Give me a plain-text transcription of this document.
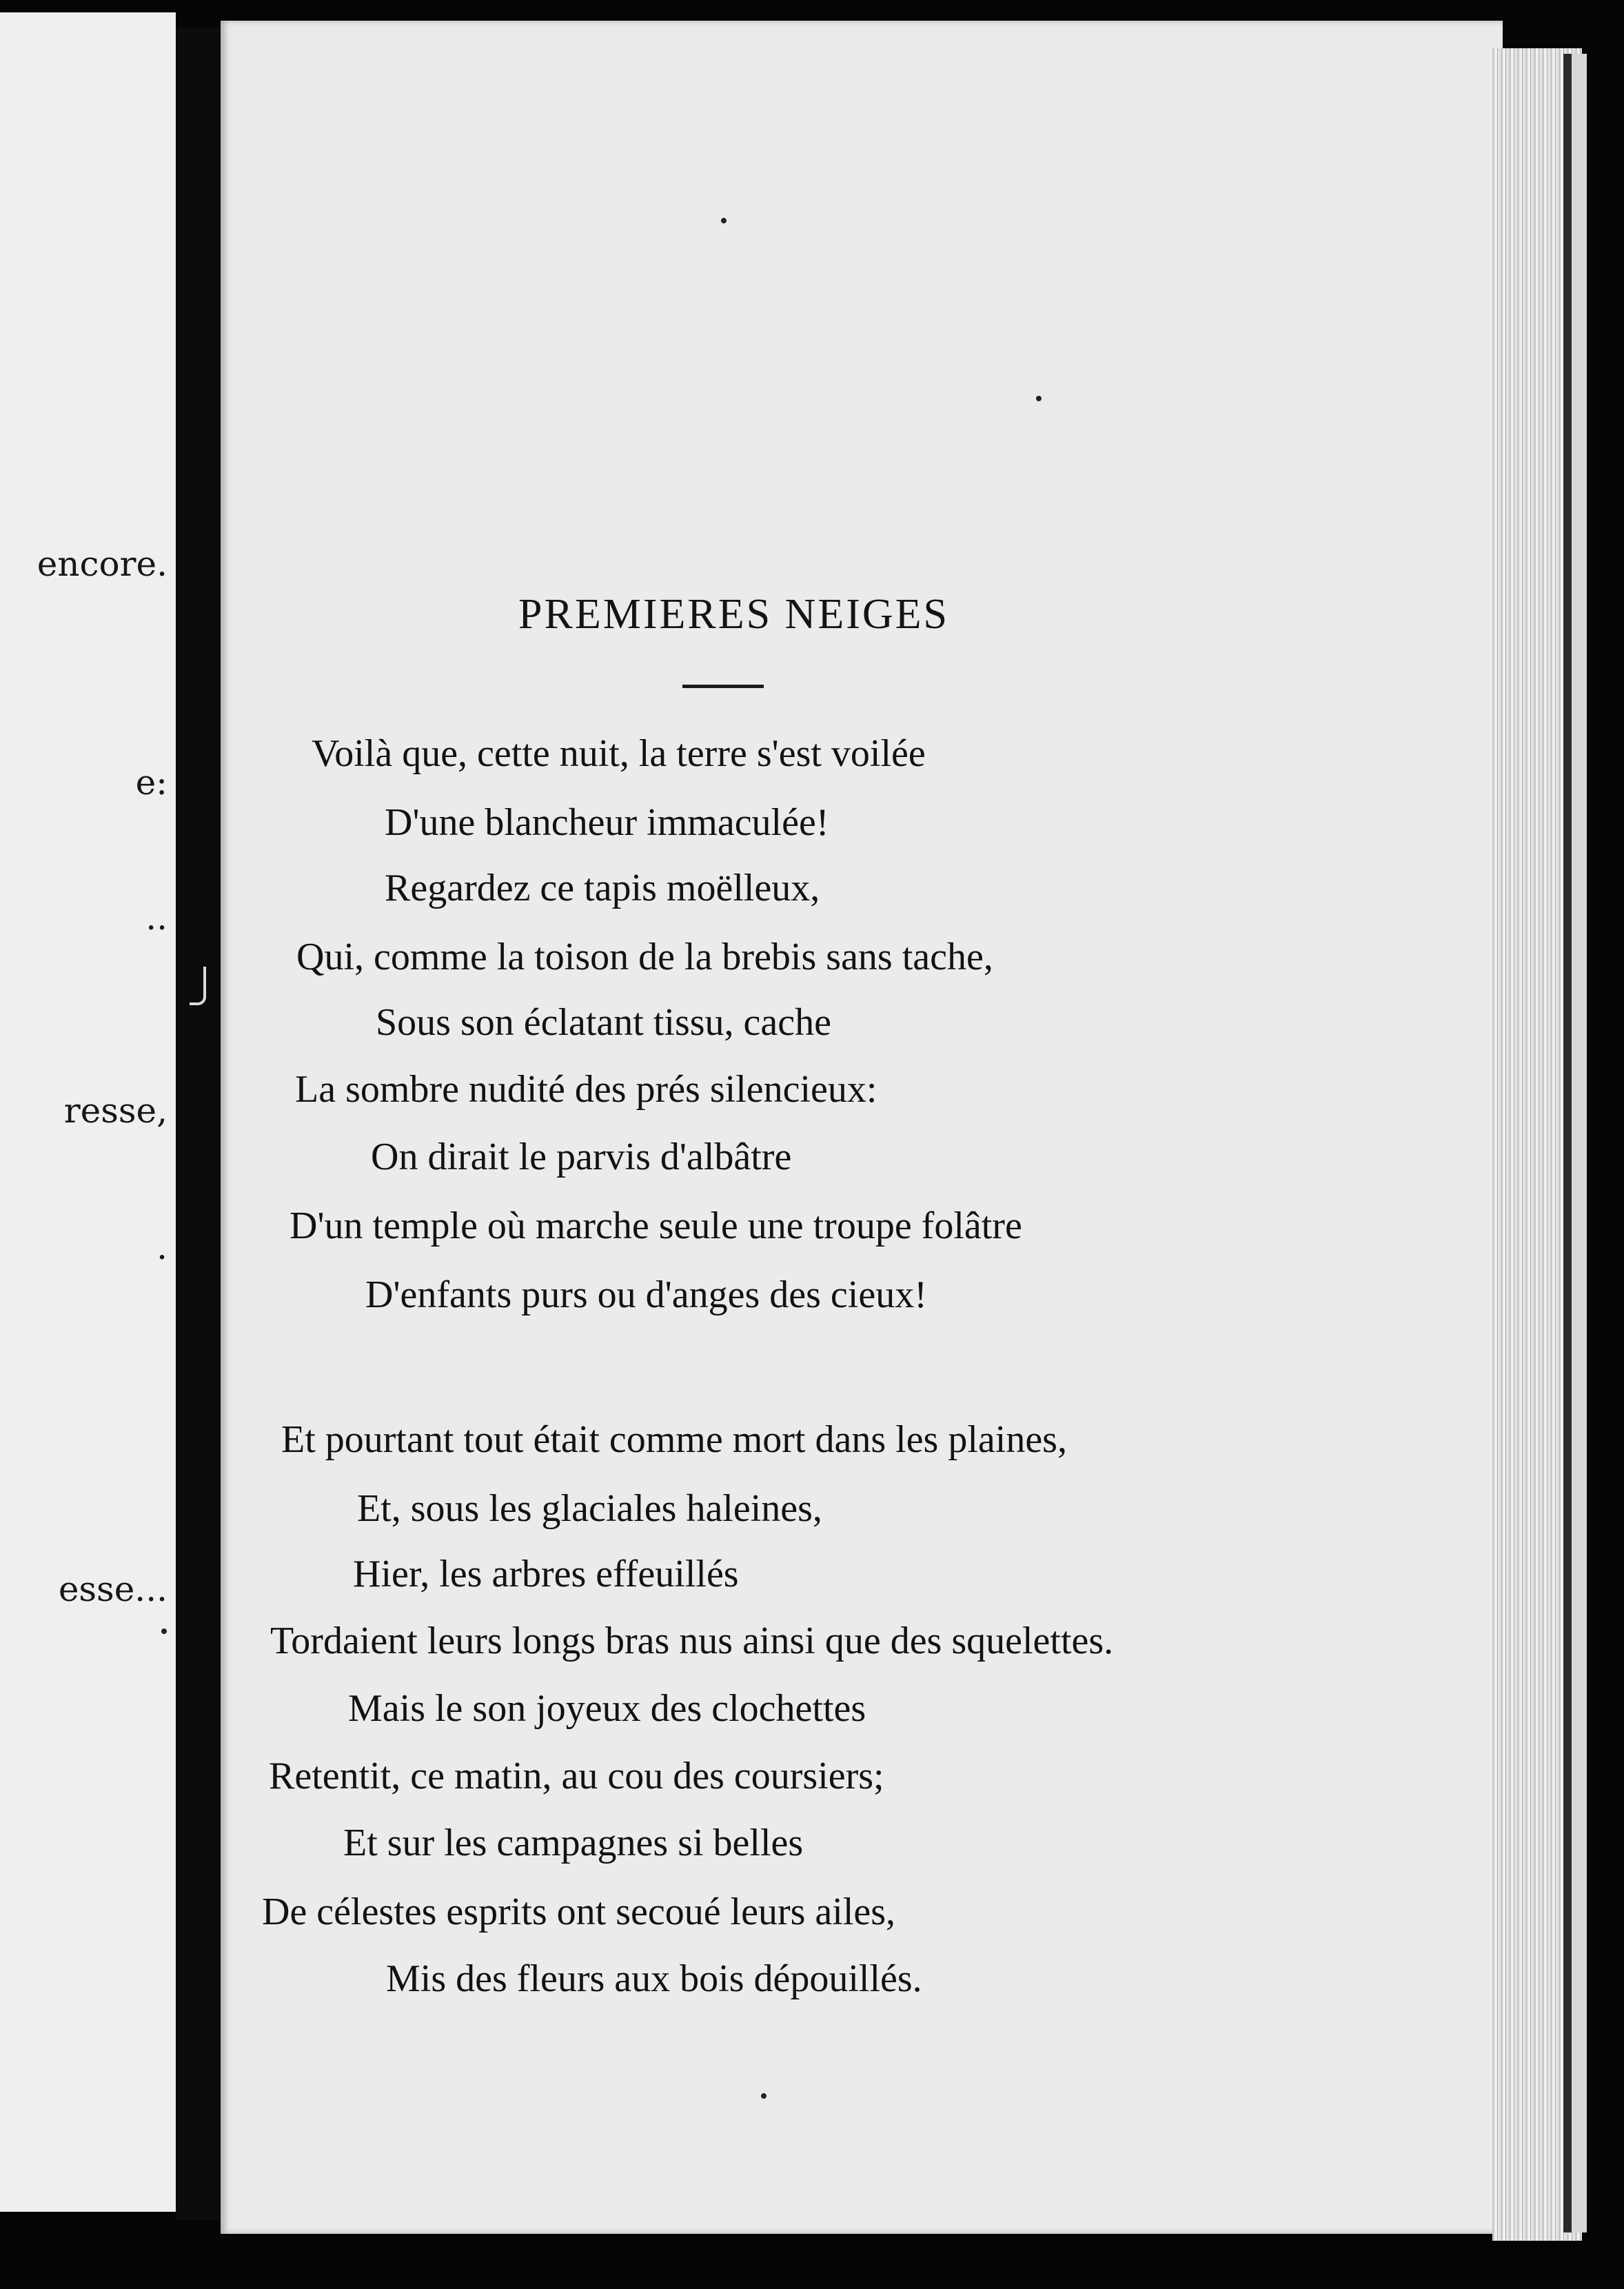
encore.
e:
..
resse,
.
esse...
PREMIERES NEIGES
Voilà que, cette nuit, la terre s'est voilée
D'une blancheur immaculée!
Regardez ce tapis moëlleux,
Qui, comme la toison de la brebis sans tache,
Sous son éclatant tissu, cache
La sombre nudité des prés silencieux:
On dirait le parvis d'albâtre
D'un temple où marche seule une troupe folâtre
D'enfants purs ou d'anges des cieux!
Et pourtant tout était comme mort dans les plaines,
Et, sous les glaciales haleines,
Hier, les arbres effeuillés
Tordaient leurs longs bras nus ainsi que des squelettes.
Mais le son joyeux des clochettes
Retentit, ce matin, au cou des coursiers;
Et sur les campagnes si belles
De célestes esprits ont secoué leurs ailes,
Mis des fleurs aux bois dépouillés.
